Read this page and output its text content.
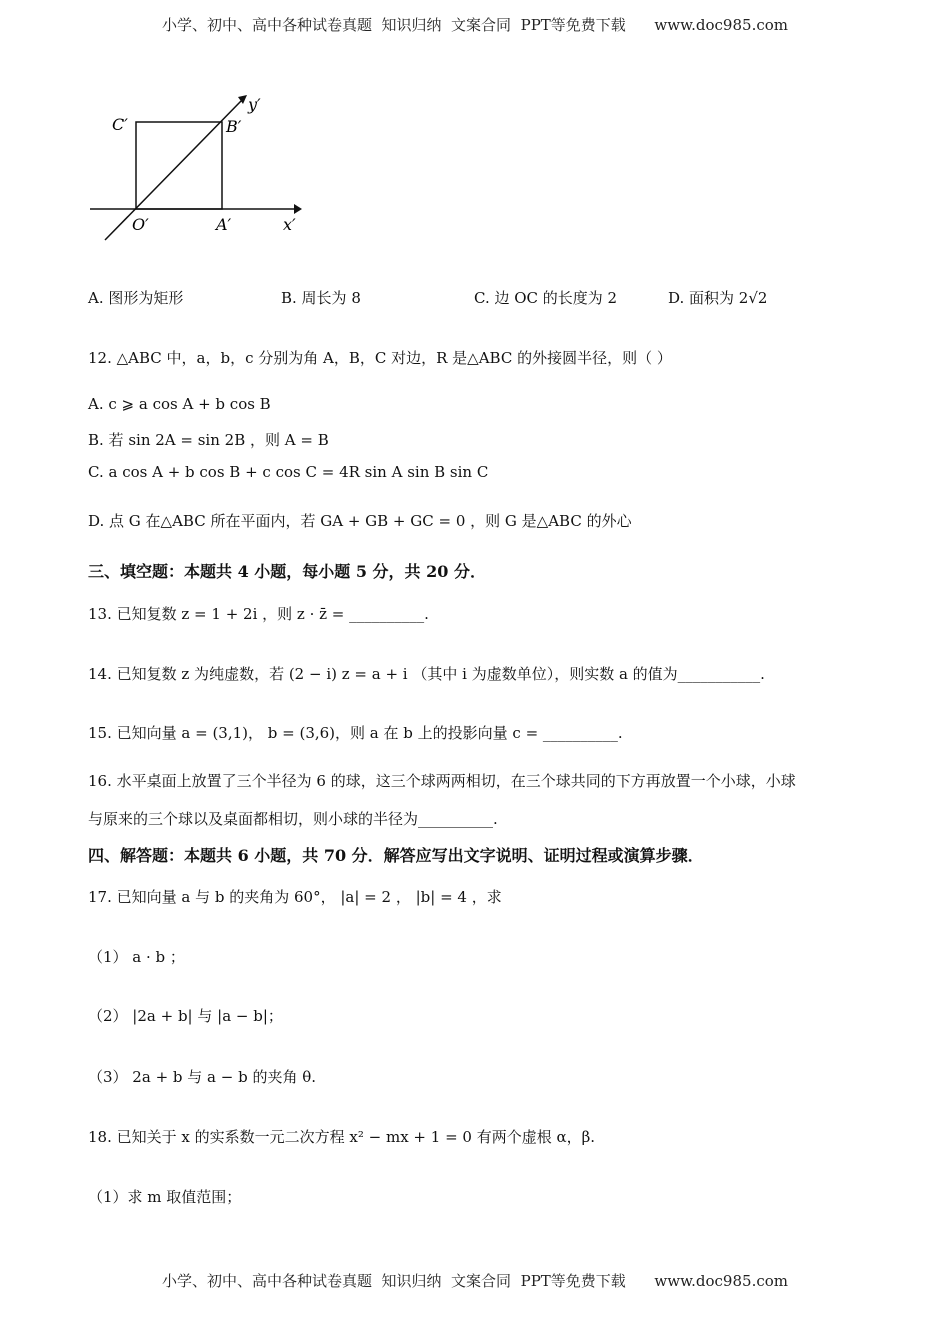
小学、初中、高中各种试卷真题  知识归纳  文案合同  PPT等免费下载      www.doc985.com
C′	B′
O′	A′	x′
y′
A. 图形为矩形	B. 周长为 8	C. 边 OC 的长度为 2	D. 面积为 2√2
12. △ABC 中，a，b，c 分别为角 A，B，C 对边，R 是△ABC 的外接圆半径，则（ ）
A. c ⩾ a cos A + b cos B
B. 若 sin 2A = sin 2B ，则 A = B
C. a cos A + b cos B + c cos C = 4R sin A sin B sin C
D. 点 G 在△ABC 所在平面内，若 GA + GB + GC = 0 ，则 G 是△ABC 的外心
三、填空题：本题共 4 小题，每小题 5 分，共 20 分．
13. 已知复数 z = 1 + 2i ，则 z · z̄ = __________.
14. 已知复数 z 为纯虚数，若 (2 − i) z = a + i （其中 i 为虚数单位），则实数 a 的值为___________.
15. 已知向量 a = (3,1)， b = (3,6)，则 a 在 b 上的投影向量 c = __________.
16. 水平桌面上放置了三个半径为 6 的球，这三个球两两相切，在三个球共同的下方再放置一个小球，小球
与原来的三个球以及桌面都相切，则小球的半径为__________.
四、解答题：本题共 6 小题，共 70 分．解答应写出文字说明、证明过程或演算步骤．
17. 已知向量 a 与 b 的夹角为 60°， |a| = 2 ， |b| = 4 ，求
（1） a · b ；
（2） |2a + b| 与 |a − b|；
（3） 2a + b 与 a − b 的夹角 θ.
18. 已知关于 x 的实系数一元二次方程 x² − mx + 1 = 0 有两个虚根 α，β.
（1）求 m 取值范围；
小学、初中、高中各种试卷真题  知识归纳  文案合同  PPT等免费下载      www.doc985.com
